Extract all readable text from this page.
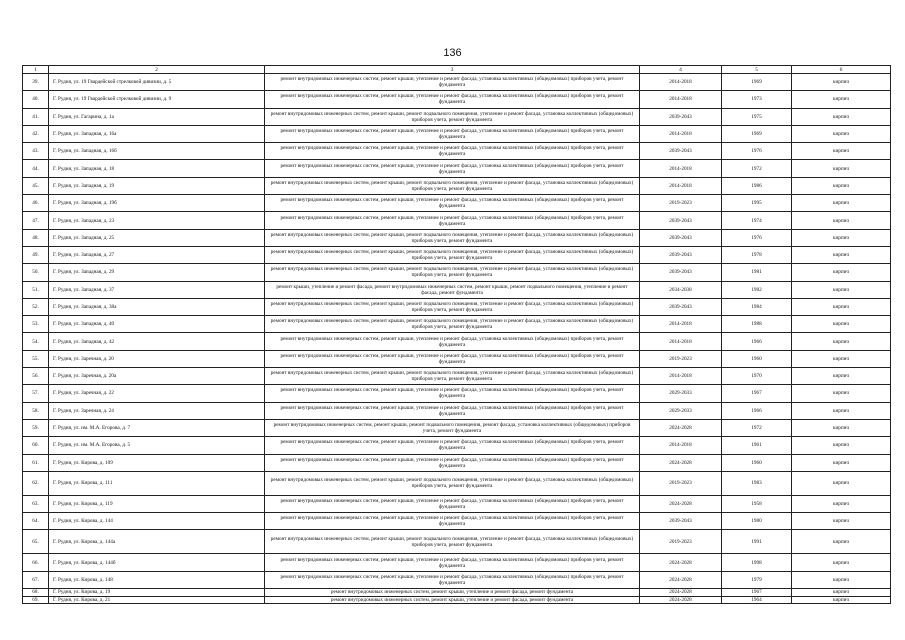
136
1	2	3	4	5	6
39.	Г. Рудня, ул. 19 Гвардейской стрелковой дивизии, д. 5	ремонт внутридомовых инженерных систем, ремонт крыши, утепление и ремонт фасада, установка коллективных (общедомовых) приборов учета, ремонт фундамента	2014-2018	1969	кирпич
40.	Г. Рудня, ул. 19 Гвардейской стрелковой дивизии, д. 9	ремонт внутридомовых инженерных систем, ремонт крыши, утепление и ремонт фасада, установка коллективных (общедомовых) приборов учета, ремонт фундамента	2014-2018	1973	кирпич
41.	Г. Рудня, ул. Гагарина, д. 1а	ремонт внутридомовых инженерных систем, ремонт крыши, ремонт подвального помещения, утепление и ремонт фасада, установка коллективных (общедомовых) приборов учета, ремонт фундамента	2039-2043	1975	кирпич
42.	Г. Рудня, ул. Западная, д. 16а	ремонт внутридомовых инженерных систем, ремонт крыши, утепление и ремонт фасада, установка коллективных (общедомовых) приборов учета, ремонт фундамента	2014-2018	1969	кирпич
43.	Г. Рудня, ул. Западная, д. 16б	ремонт внутридомовых инженерных систем, ремонт крыши, утепление и ремонт фасада, установка коллективных (общедомовых) приборов учета, ремонт фундамента	2039-2043	1976	кирпич
44.	Г. Рудня, ул. Западная, д. 18	ремонт внутридомовых инженерных систем, ремонт крыши, утепление и ремонт фасада, установка коллективных (общедомовых) приборов учета, ремонт фундамента	2014-2018	1972	кирпич
45.	Г. Рудня, ул. Западная, д. 19	ремонт внутридомовых инженерных систем, ремонт крыши, ремонт подвального помещения, утепление и ремонт фасада, установка коллективных (общедомовых) приборов учета, ремонт фундамента	2014-2018	1986	кирпич
46.	Г. Рудня, ул. Западная, д. 19б	ремонт внутридомовых инженерных систем, ремонт крыши, утепление и ремонт фасада, установка коллективных (общедомовых) приборов учета, ремонт фундамента	2019-2023	1995	кирпич
47.	Г. Рудня, ул. Западная, д. 23	ремонт внутридомовых инженерных систем, ремонт крыши, утепление и ремонт фасада, установка коллективных (общедомовых) приборов учета, ремонт фундамента	2039-2043	1974	кирпич
48.	Г. Рудня, ул. Западная, д. 25	ремонт внутридомовых инженерных систем, ремонт крыши, ремонт подвального помещения, утепление и ремонт фасада, установка коллективных (общедомовых) приборов учета, ремонт фундамента	2039-2043	1976	кирпич
49.	Г. Рудня, ул. Западная, д. 27	ремонт внутридомовых инженерных систем, ремонт крыши, ремонт подвального помещения, утепление и ремонт фасада, установка коллективных (общедомовых) приборов учета, ремонт фундамента	2039-2043	1978	кирпич
50.	Г. Рудня, ул. Западная, д. 29	ремонт внутридомовых инженерных систем, ремонт крыши, ремонт подвального помещения, утепление и ремонт фасада, установка коллективных (общедомовых) приборов учета, ремонт фундамента	2039-2043	1981	кирпич
51.	Г. Рудня, ул. Западная, д. 37	ремонт крыши, утепление и ремонт фасада, ремонт внутридомовых инженерных систем, ремонт крыши, ремонт подвального помещения, утепление и ремонт фасада, ремонт фундамента	2034-2038	1982	кирпич
52.	Г. Рудня, ул. Западная, д. 38а	ремонт внутридомовых инженерных систем, ремонт крыши, ремонт подвального помещения, утепление и ремонт фасада, установка коллективных (общедомовых) приборов учета, ремонт фундамента	2039-2043	1984	кирпич
53.	Г. Рудня, ул. Западная, д. 40	ремонт внутридомовых инженерных систем, ремонт крыши, ремонт подвального помещения, утепление и ремонт фасада, установка коллективных (общедомовых) приборов учета, ремонт фундамента	2014-2018	1988	кирпич
54.	Г. Рудня, ул. Западная, д. 42	ремонт внутридомовых инженерных систем, ремонт крыши, утепление и ремонт фасада, установка коллективных (общедомовых) приборов учета, ремонт фундамента	2014-2018	1966	кирпич
55.	Г. Рудня, ул. Заречная, д. 20	ремонт внутридомовых инженерных систем, ремонт крыши, утепление и ремонт фасада, установка коллективных (общедомовых) приборов учета, ремонт фундамента	2019-2023	1960	кирпич
56.	Г. Рудня, ул. Заречная, д. 20а	ремонт внутридомовых инженерных систем, ремонт крыши, ремонт подвального помещения, утепление и ремонт фасада, установка коллективных (общедомовых) приборов учета, ремонт фундамента	2014-2018	1970	кирпич
57.	Г. Рудня, ул. Заречная, д. 22	ремонт внутридомовых инженерных систем, ремонт крыши, утепление и ремонт фасада, установка коллективных (общедомовых) приборов учета, ремонт фундамента	2029-2033	1967	кирпич
58.	Г. Рудня, ул. Заречная, д. 24	ремонт внутридомовых инженерных систем, ремонт крыши, утепление и ремонт фасада, установка коллективных (общедомовых) приборов учета, ремонт фундамента	2029-2033	1966	кирпич
59.	Г. Рудня, ул. им. М.А. Егорова, д. 7	ремонт внутридомовых инженерных систем, ремонт крыши, ремонт подвального помещения, ремонт фасада, установка коллективных (общедомовых) приборов учета, ремонт фундамента	2024-2028	1972	кирпич
60.	Г. Рудня, ул. им. М.А. Егорова, д. 5	ремонт внутридомовых инженерных систем, ремонт крыши, утепление и ремонт фасада, установка коллективных (общедомовых) приборов учета, ремонт фундамента	2014-2018	1961	кирпич
61.	Г. Рудня, ул. Кирова, д. 109	ремонт внутридомовых инженерных систем, ремонт крыши, утепление и ремонт фасада, установка коллективных (общедомовых) приборов учета, ремонт фундамента	2024-2028	1960	кирпич
62.	Г. Рудня, ул. Кирова, д. 111	ремонт внутридомовых инженерных систем, ремонт крыши, ремонт подвального помещения, утепление и ремонт фасада, установка коллективных (общедомовых) приборов учета, ремонт фундамента	2019-2023	1983	кирпич
63.	Г. Рудня, ул. Кирова, д. 119	ремонт внутридомовых инженерных систем, ремонт крыши, утепление и ремонт фасада, установка коллективных (общедомовых) приборов учета, ремонт фундамента	2024-2028	1958	кирпич
64.	Г. Рудня, ул. Кирова, д. 144	ремонт внутридомовых инженерных систем, ремонт крыши, утепление и ремонт фасада, установка коллективных (общедомовых) приборов учета, ремонт фундамента	2039-2043	1980	кирпич
65.	Г. Рудня, ул. Кирова, д. 144а	ремонт внутридомовых инженерных систем, ремонт крыши, ремонт подвального помещения, утепление и ремонт фасада, установка коллективных (общедомовых) приборов учета, ремонт фундамента	2019-2023	1991	кирпич
66.	Г. Рудня, ул. Кирова, д. 144б	ремонт внутридомовых инженерных систем, ремонт крыши, утепление и ремонт фасада, установка коллективных (общедомовых) приборов учета, ремонт фундамента	2024-2028	1998	кирпич
67.	Г. Рудня, ул. Кирова, д. 148	ремонт внутридомовых инженерных систем, ремонт крыши, утепление и ремонт фасада, установка коллективных (общедомовых) приборов учета, ремонт фундамента	2024-2028	1979	кирпич
68.	Г. Рудня, ул. Кирова, д. 19	ремонт внутридомовых инженерных систем, ремонт крыши, утепление и ремонт фасада, ремонт фундамента	2024-2028	1967	кирпич
69.	Г. Рудня, ул. Кирова, д. 21	ремонт внутридомовых инженерных систем, ремонт крыши, утепление и ремонт фасада, ремонт фундамента	2024-2028	1964	кирпич
